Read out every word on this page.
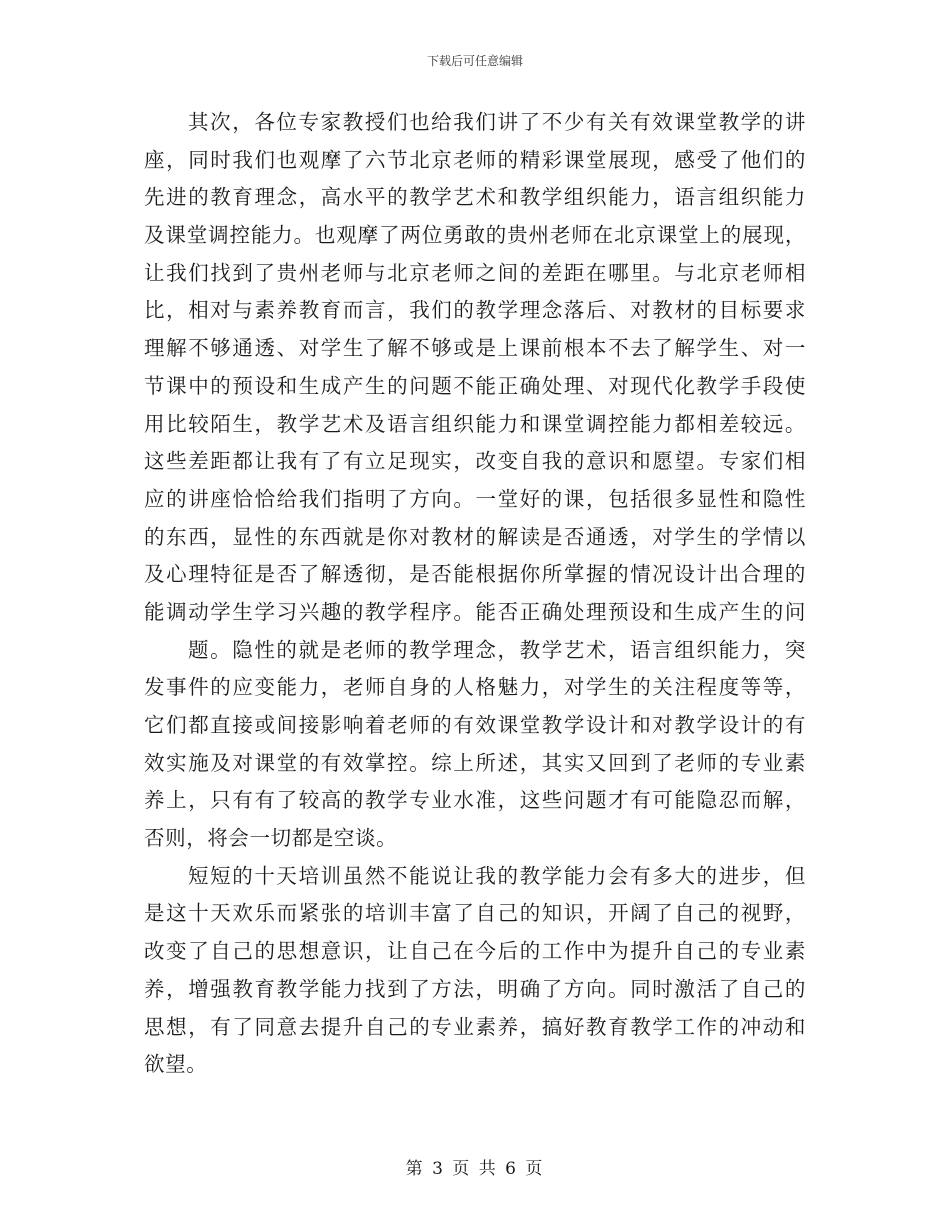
下载后可任意编辑
其次，各位专家教授们也给我们讲了不少有关有效课堂教学的讲
座，同时我们也观摩了六节北京老师的精彩课堂展现，感受了他们的
先进的教育理念，高水平的教学艺术和教学组织能力，语言组织能力
及课堂调控能力。也观摩了两位勇敢的贵州老师在北京课堂上的展现，
让我们找到了贵州老师与北京老师之间的差距在哪里。与北京老师相
比，相对与素养教育而言，我们的教学理念落后、对教材的目标要求
理解不够通透、对学生了解不够或是上课前根本不去了解学生、对一
节课中的预设和生成产生的问题不能正确处理、对现代化教学手段使
用比较陌生，教学艺术及语言组织能力和课堂调控能力都相差较远。
这些差距都让我有了有立足现实，改变自我的意识和愿望。专家们相
应的讲座恰恰给我们指明了方向。一堂好的课，包括很多显性和隐性
的东西，显性的东西就是你对教材的解读是否通透，对学生的学情以
及心理特征是否了解透彻，是否能根据你所掌握的情况设计出合理的
能调动学生学习兴趣的教学程序。能否正确处理预设和生成产生的问
题。隐性的就是老师的教学理念，教学艺术，语言组织能力，突
发事件的应变能力，老师自身的人格魅力，对学生的关注程度等等，
它们都直接或间接影响着老师的有效课堂教学设计和对教学设计的有
效实施及对课堂的有效掌控。综上所述，其实又回到了老师的专业素
养上，只有有了较高的教学专业水准，这些问题才有可能隐忍而解，
否则，将会一切都是空谈。
短短的十天培训虽然不能说让我的教学能力会有多大的进步，但
是这十天欢乐而紧张的培训丰富了自己的知识，开阔了自己的视野，
改变了自己的思想意识，让自己在今后的工作中为提升自己的专业素
养，增强教育教学能力找到了方法，明确了方向。同时激活了自己的
思想，有了同意去提升自己的专业素养，搞好教育教学工作的冲动和
欲望。
第 3 页 共 6 页
